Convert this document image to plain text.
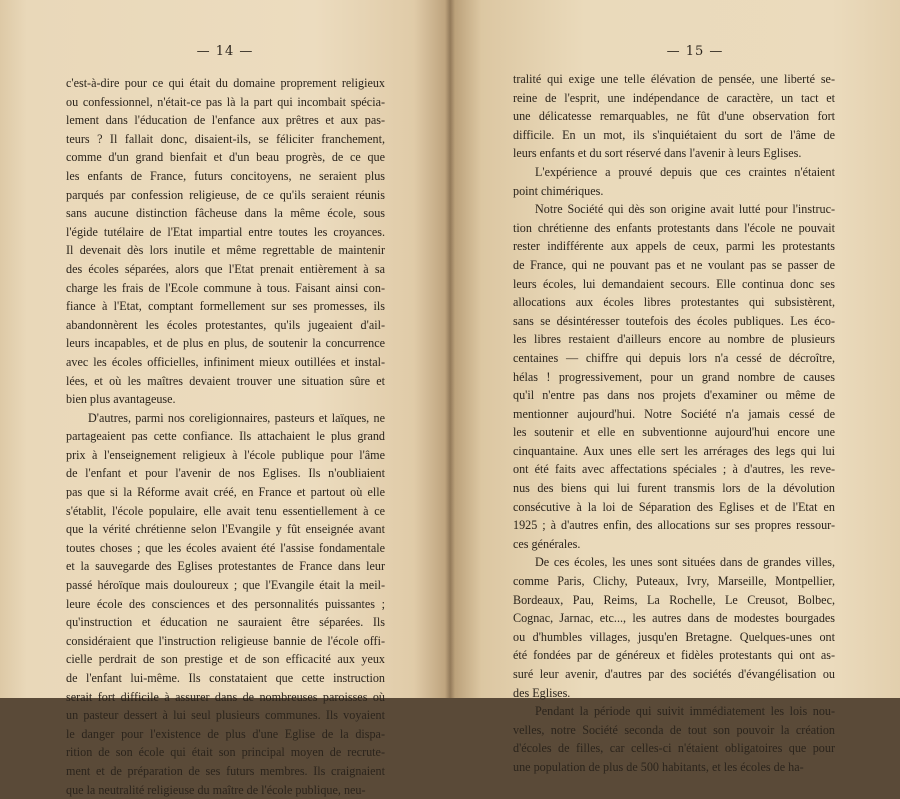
— 14 —

c'est-à-dire pour ce qui était du domaine proprement religieux
ou confessionnel, n'était-ce pas là la part qui incombait spécia-
lement dans l'éducation de l'enfance aux prêtres et aux pas-
teurs ? Il fallait donc, disaient-ils, se féliciter franchement,
comme d'un grand bienfait et d'un beau progrès, de ce que
les enfants de France, futurs concitoyens, ne seraient plus
parqués par confession religieuse, de ce qu'ils seraient réunis
sans aucune distinction fâcheuse dans la même école, sous
l'égide tutélaire de l'Etat impartial entre toutes les croyances.
Il devenait dès lors inutile et même regrettable de maintenir
des écoles séparées, alors que l'Etat prenait entièrement à sa
charge les frais de l'Ecole commune à tous. Faisant ainsi con-
fiance à l'Etat, comptant formellement sur ses promesses, ils
abandonnèrent les écoles protestantes, qu'ils jugeaient d'ail-
leurs incapables, et de plus en plus, de soutenir la concurrence
avec les écoles officielles, infiniment mieux outillées et instal-
lées, et où les maîtres devaient trouver une situation sûre et
bien plus avantageuse.

D'autres, parmi nos coreligionnaires, pasteurs et laïques, ne
partageaient pas cette confiance. Ils attachaient le plus grand
prix à l'enseignement religieux à l'école publique pour l'âme
de l'enfant et pour l'avenir de nos Eglises. Ils n'oubliaient
pas que si la Réforme avait créé, en France et partout où elle
s'établit, l'école populaire, elle avait tenu essentiellement à ce
que la vérité chrétienne selon l'Evangile y fût enseignée avant
toutes choses ; que les écoles avaient été l'assise fondamentale
et la sauvegarde des Eglises protestantes de France dans leur
passé héroïque mais douloureux ; que l'Evangile était la meil-
leure école des consciences et des personnalités puissantes ;
qu'instruction et éducation ne sauraient être séparées. Ils
considéraient que l'instruction religieuse bannie de l'école offi-
cielle perdrait de son prestige et de son efficacité aux yeux
de l'enfant lui-même. Ils constataient que cette instruction
serait fort difficile à assurer dans de nombreuses paroisses où
un pasteur dessert à lui seul plusieurs communes. Ils voyaient
le danger pour l'existence de plus d'une Eglise de la dispa-
rition de son école qui était son principal moyen de recrute-
ment et de préparation de ses futurs membres. Ils craignaient
que la neutralité religieuse du maître de l'école publique, neu-

— 15 —

tralité qui exige une telle élévation de pensée, une liberté se-
reine de l'esprit, une indépendance de caractère, un tact et
une délicatesse remarquables, ne fût d'une observation fort
difficile. En un mot, ils s'inquiétaient du sort de l'âme de
leurs enfants et du sort réservé dans l'avenir à leurs Eglises.

L'expérience a prouvé depuis que ces craintes n'étaient
point chimériques.

Notre Société qui dès son origine avait lutté pour l'instruc-
tion chrétienne des enfants protestants dans l'école ne pouvait
rester indifférente aux appels de ceux, parmi les protestants
de France, qui ne pouvant pas et ne voulant pas se passer de
leurs écoles, lui demandaient secours. Elle continua donc ses
allocations aux écoles libres protestantes qui subsistèrent,
sans se désintéresser toutefois des écoles publiques. Les éco-
les libres restaient d'ailleurs encore au nombre de plusieurs
centaines — chiffre qui depuis lors n'a cessé de décroître,
hélas ! progressivement, pour un grand nombre de causes
qu'il n'entre pas dans nos projets d'examiner ou même de
mentionner aujourd'hui. Notre Société n'a jamais cessé de
les soutenir et elle en subventionne aujourd'hui encore une
cinquantaine. Aux unes elle sert les arrérages des legs qui lui
ont été faits avec affectations spéciales ; à d'autres, les reve-
nus des biens qui lui furent transmis lors de la dévolution
consécutive à la loi de Séparation des Eglises et de l'Etat en
1925 ; à d'autres enfin, des allocations sur ses propres ressour-
ces générales.

De ces écoles, les unes sont situées dans de grandes villes,
comme Paris, Clichy, Puteaux, Ivry, Marseille, Montpellier,
Bordeaux, Pau, Reims, La Rochelle, Le Creusot, Bolbec,
Cognac, Jarnac, etc..., les autres dans de modestes bourgades
ou d'humbles villages, jusqu'en Bretagne. Quelques-unes ont
été fondées par de généreux et fidèles protestants qui ont as-
suré leur avenir, d'autres par des sociétés d'évangélisation ou
des Eglises.

Pendant la période qui suivit immédiatement les lois nou-
velles, notre Société seconda de tout son pouvoir la création
d'écoles de filles, car celles-ci n'étaient obligatoires que pour
une population de plus de 500 habitants, et les écoles de ha-
